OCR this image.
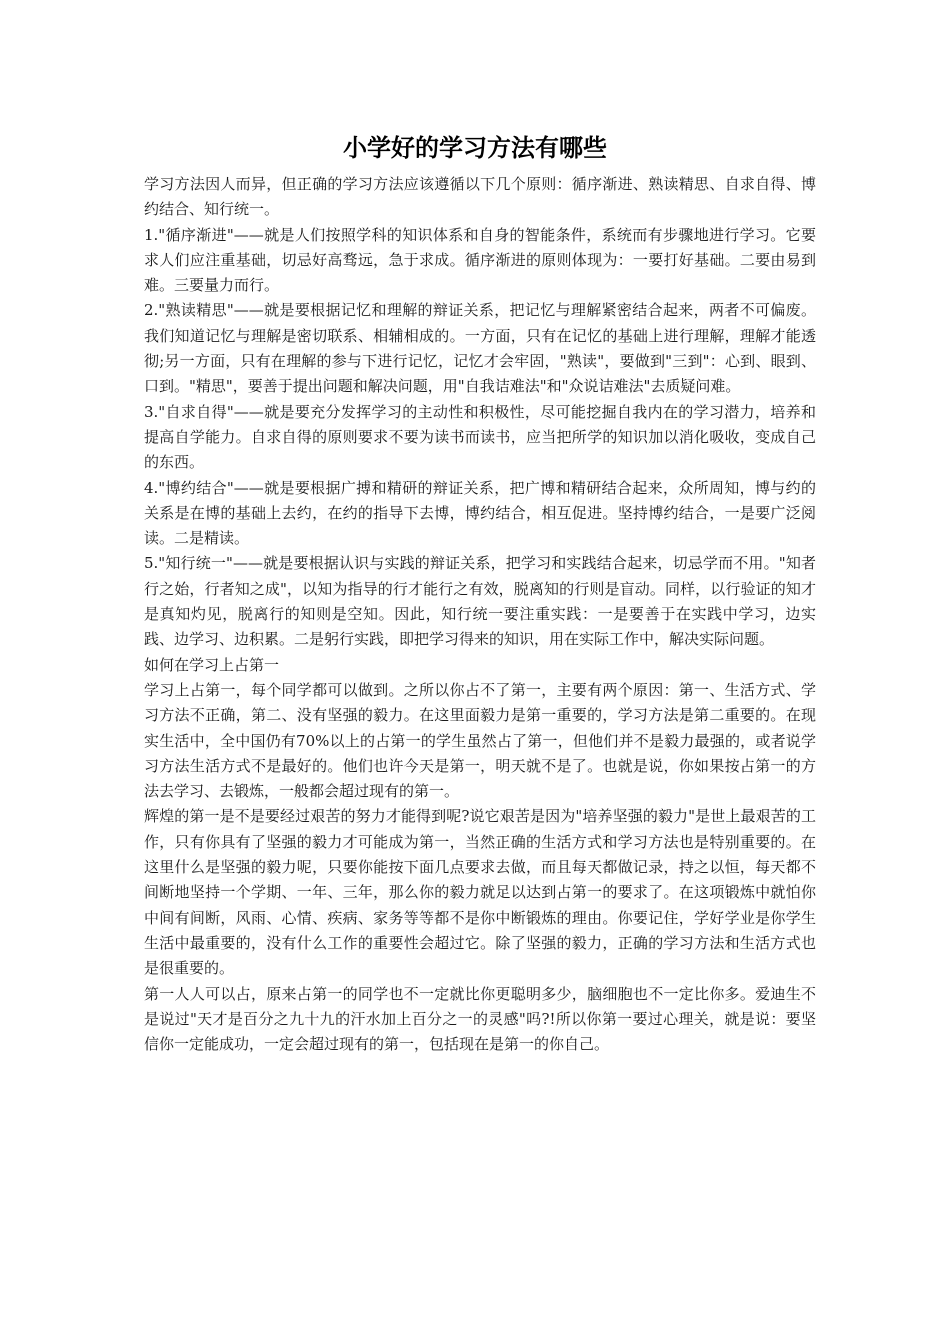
小学好的学习方法有哪些

学习方法因人而异，但正确的学习方法应该遵循以下几个原则：循序渐进、熟读精思、自求自得、博约结合、知行统一。

1."循序渐进"——就是人们按照学科的知识体系和自身的智能条件，系统而有步骤地进行学习。它要求人们应注重基础，切忌好高骛远，急于求成。循序渐进的原则体现为：一要打好基础。二要由易到难。三要量力而行。

2."熟读精思"——就是要根据记忆和理解的辩证关系，把记忆与理解紧密结合起来，两者不可偏废。我们知道记忆与理解是密切联系、相辅相成的。一方面，只有在记忆的基础上进行理解，理解才能透彻;另一方面，只有在理解的参与下进行记忆，记忆才会牢固，"熟读"，要做到"三到"：心到、眼到、口到。"精思"，要善于提出问题和解决问题，用"自我诘难法"和"众说诘难法"去质疑问难。

3."自求自得"——就是要充分发挥学习的主动性和积极性，尽可能挖掘自我内在的学习潜力，培养和提高自学能力。自求自得的原则要求不要为读书而读书，应当把所学的知识加以消化吸收，变成自己的东西。

4."博约结合"——就是要根据广搏和精研的辩证关系，把广博和精研结合起来，众所周知，博与约的关系是在博的基础上去约，在约的指导下去博，博约结合，相互促进。坚持博约结合，一是要广泛阅读。二是精读。

5."知行统一"——就是要根据认识与实践的辩证关系，把学习和实践结合起来，切忌学而不用。"知者行之始，行者知之成"，以知为指导的行才能行之有效，脱离知的行则是盲动。同样，以行验证的知才是真知灼见，脱离行的知则是空知。因此，知行统一要注重实践：一是要善于在实践中学习，边实践、边学习、边积累。二是躬行实践，即把学习得来的知识，用在实际工作中，解决实际问题。

如何在学习上占第一

学习上占第一，每个同学都可以做到。之所以你占不了第一，主要有两个原因：第一、生活方式、学习方法不正确，第二、没有坚强的毅力。在这里面毅力是第一重要的，学习方法是第二重要的。在现实生活中，全中国仍有70%以上的占第一的学生虽然占了第一，但他们并不是毅力最强的，或者说学习方法生活方式不是最好的。他们也许今天是第一，明天就不是了。也就是说，你如果按占第一的方法去学习、去锻炼，一般都会超过现有的第一。

辉煌的第一是不是要经过艰苦的努力才能得到呢?说它艰苦是因为"培养坚强的毅力"是世上最艰苦的工作，只有你具有了坚强的毅力才可能成为第一，当然正确的生活方式和学习方法也是特别重要的。在这里什么是坚强的毅力呢，只要你能按下面几点要求去做，而且每天都做记录，持之以恒，每天都不间断地坚持一个学期、一年、三年，那么你的毅力就足以达到占第一的要求了。在这项锻炼中就怕你中间有间断，风雨、心情、疾病、家务等等都不是你中断锻炼的理由。你要记住，学好学业是你学生生活中最重要的，没有什么工作的重要性会超过它。除了坚强的毅力，正确的学习方法和生活方式也是很重要的。

第一人人可以占，原来占第一的同学也不一定就比你更聪明多少，脑细胞也不一定比你多。爱迪生不是说过"天才是百分之九十九的汗水加上百分之一的灵感"吗?!所以你第一要过心理关，就是说：要坚信你一定能成功，一定会超过现有的第一，包括现在是第一的你自己。
